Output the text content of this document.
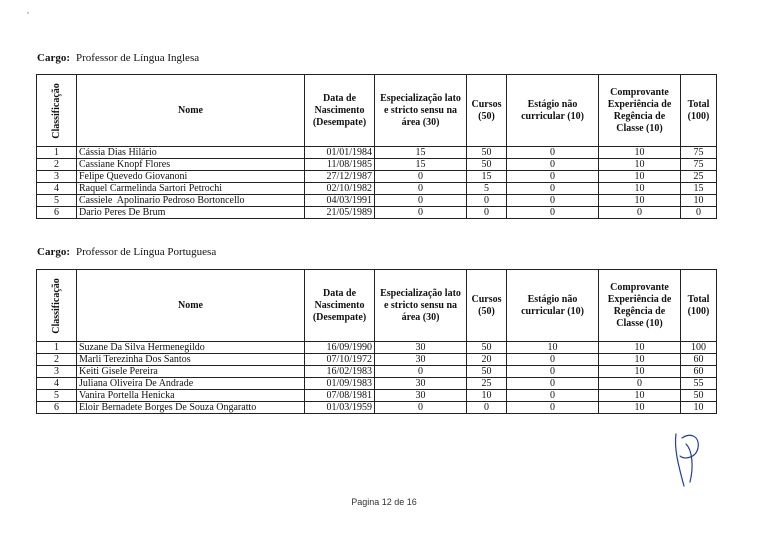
,
Cargo: Professor de Língua Inglesa
Classificação	Nome	Data de Nascimento (Desempate)	Especialização lato e stricto sensu na área (30)	Cursos (50)	Estágio não curricular (10)	Comprovante Experiência de Regência de Classe (10)	Total (100)
1	Cássia Dias Hilário	01/01/1984	15	50	0	10	75
2	Cassiane Knopf Flores	11/08/1985	15	50	0	10	75
3	Felipe Quevedo Giovanoni	27/12/1987	0	15	0	10	25
4	Raquel Carmelinda Sartori Petrochi	02/10/1982	0	5	0	10	15
5	Cassiele  Apolinario Pedroso Bortoncello	04/03/1991	0	0	0	10	10
6	Dario Peres De Brum	21/05/1989	0	0	0	0	0
Cargo: Professor de Língua Portuguesa
Classificação	Nome	Data de Nascimento (Desempate)	Especialização lato e stricto sensu na área (30)	Cursos (50)	Estágio não curricular (10)	Comprovante Experiência de Regência de Classe (10)	Total (100)
1	Suzane Da Silva Hermenegildo	16/09/1990	30	50	10	10	100
2	Marli Terezinha Dos Santos	07/10/1972	30	20	0	10	60
3	Keiti Gisele Pereira	16/02/1983	0	50	0	10	60
4	Juliana Oliveira De Andrade	01/09/1983	30	25	0	0	55
5	Vanira Portella Henicka	07/08/1981	30	10	0	10	50
6	Eloir Bernadete Borges De Souza Ongaratto	01/03/1959	0	0	0	10	10
Pagina 12 de 16
